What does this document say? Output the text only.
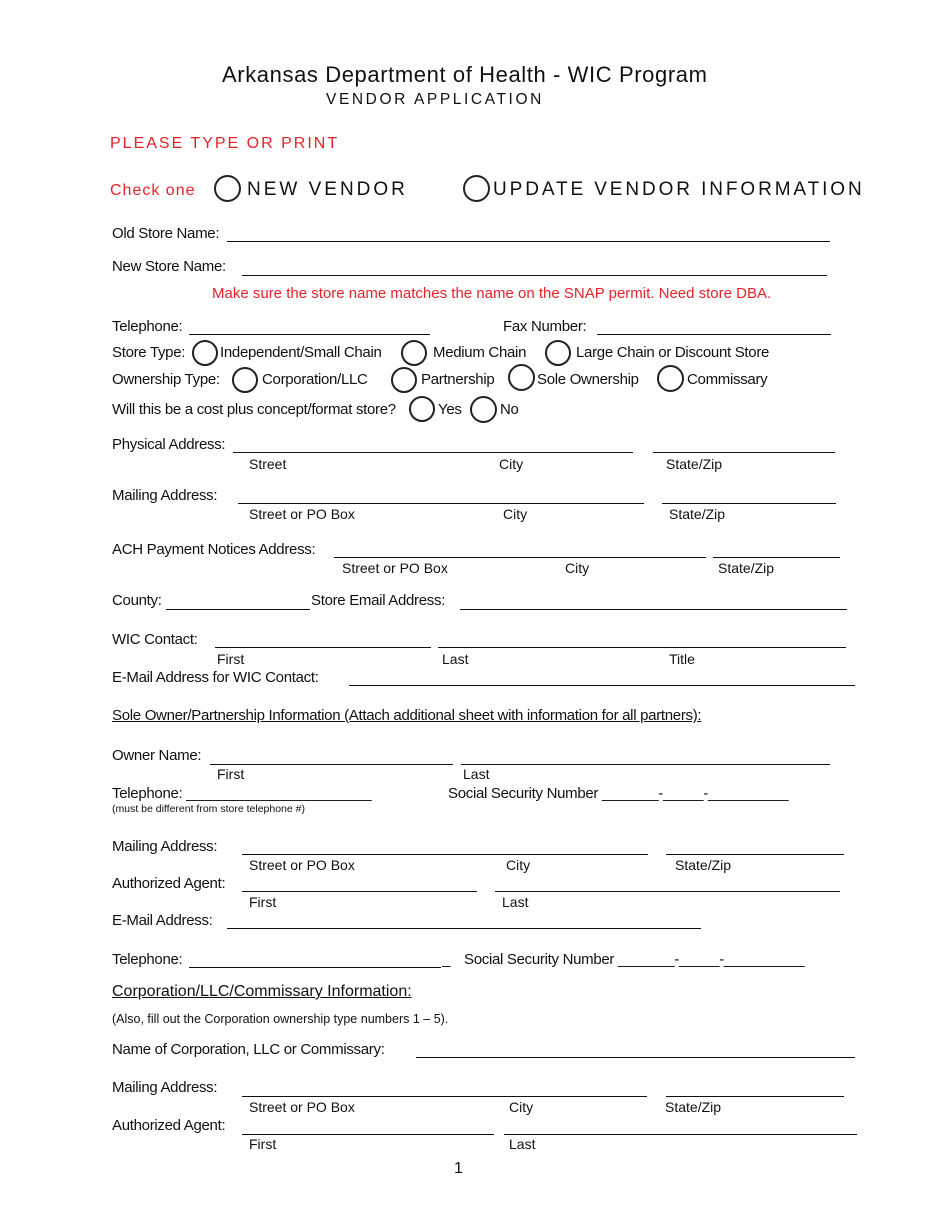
Arkansas Department of Health - WIC Program
VENDOR APPLICATION
PLEASE TYPE OR PRINT
Check one	NEW VENDOR	UPDATE VENDOR INFORMATION
Old Store Name:
New Store Name:
Make sure the store name matches the name on the SNAP permit. Need store DBA.
Telephone:	Fax Number:
Store Type: Independent/Small Chain	Medium Chain	Large Chain or Discount Store
Ownership Type:	Corporation/LLC	Partnership	Sole Ownership	Commissary
Will this be a cost plus concept/format store?	Yes	No
Physical Address:
Street	City	State/Zip
Mailing Address:
Street or PO Box	City	State/Zip
ACH Payment Notices Address:
Street or PO Box	City	State/Zip
County:	Store Email Address:
WIC Contact:
First	Last	Title
E-Mail Address for WIC Contact:
Sole Owner/Partnership Information (Attach additional sheet with information for all partners):
Owner Name:
First	Last
Telephone: _______________________
(must be different from store telephone #)
Social Security Number _______-_____-__________
Mailing Address:
Street or PO Box	City	State/Zip
Authorized Agent:
First	Last
E-Mail Address:
Telephone:	_ Social Security Number _______-_____-__________
Corporation/LLC/Commissary Information:
(Also, fill out the Corporation ownership type numbers 1 – 5).
Name of Corporation, LLC or Commissary:
Mailing Address:
Street or PO Box	City	State/Zip
Authorized Agent:
First	Last
1
